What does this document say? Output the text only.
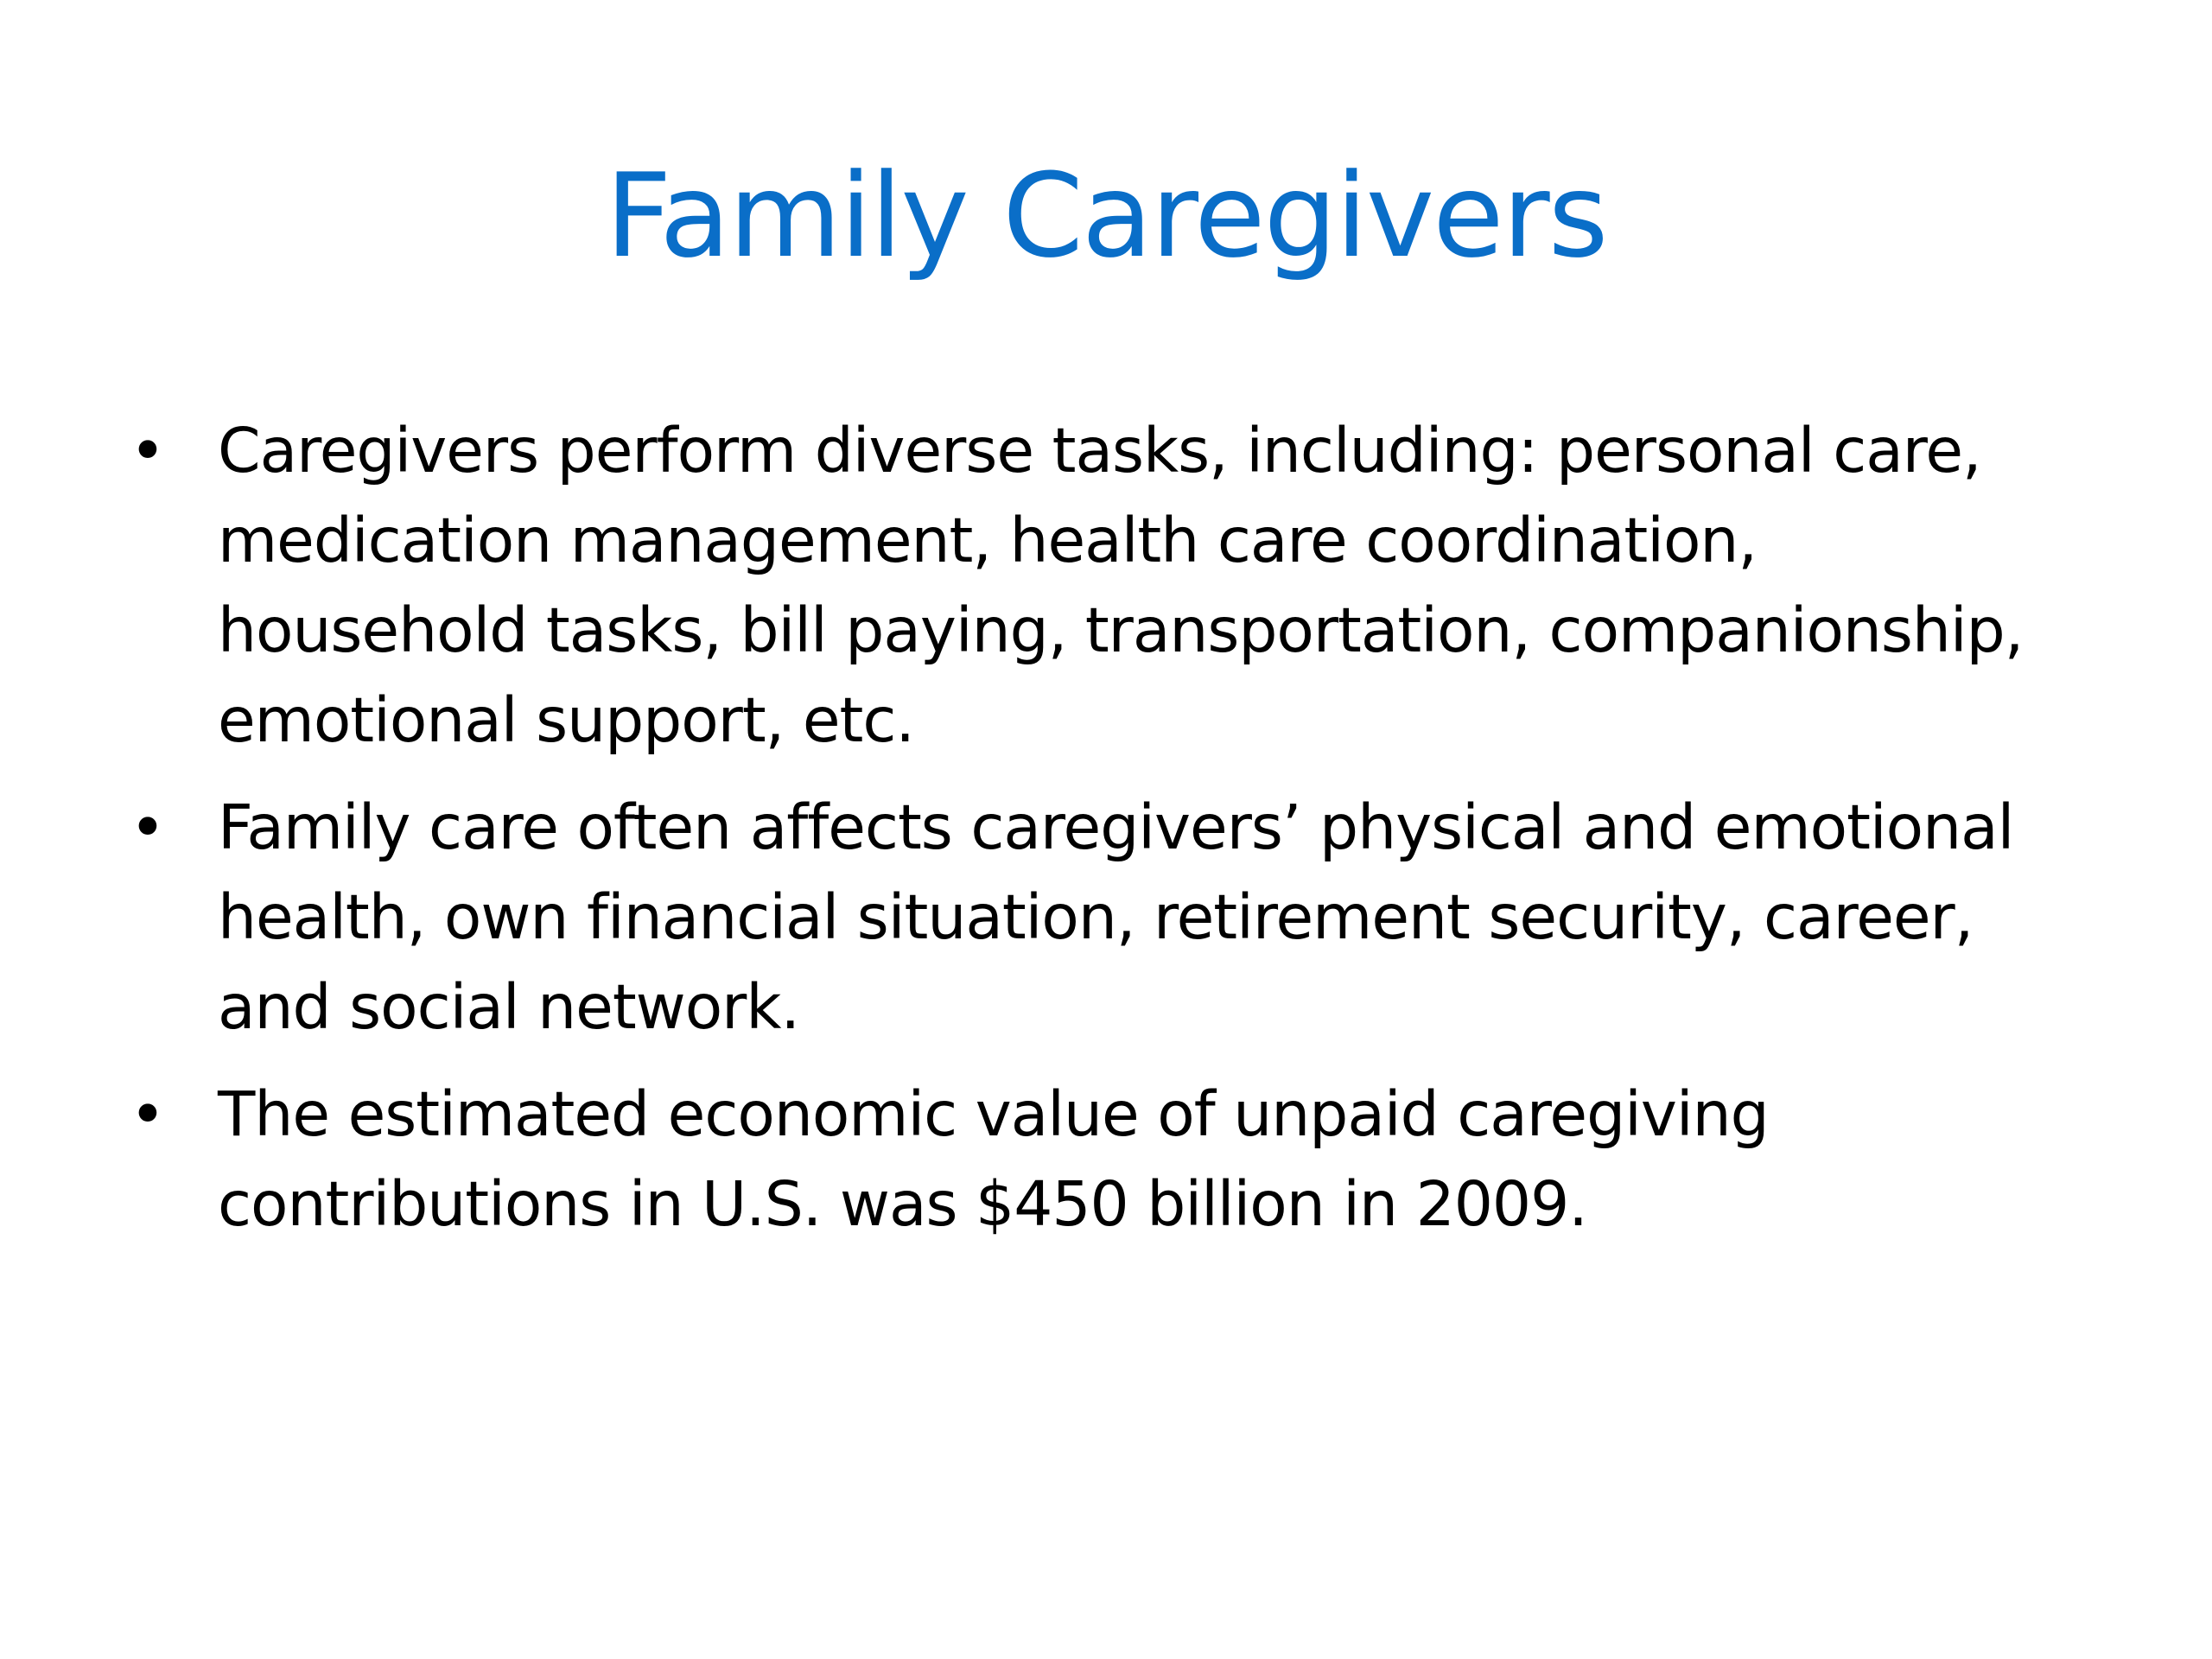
Family Caregivers
• Caregivers perform diverse tasks, including: personal care, medication management, health care coordination, household tasks, bill paying, transportation, companionship, emotional support, etc.
• Family care often affects caregivers’ physical and emotional health, own financial situation, retirement security, career, and social network.
• The estimated economic value of unpaid caregiving contributions in U.S. was $450 billion in 2009.
